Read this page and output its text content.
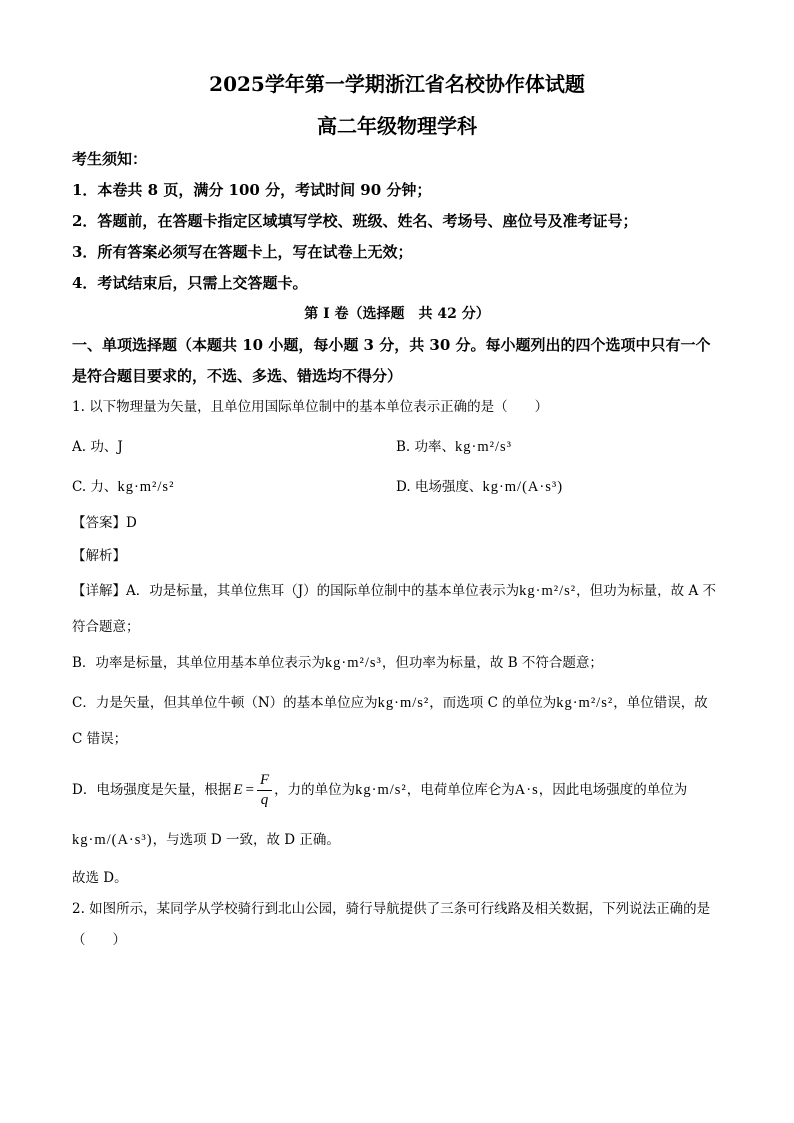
2025学年第一学期浙江省名校协作体试题
高二年级物理学科
考生须知：
1．本卷共 8 页，满分 100 分，考试时间 90 分钟；
2．答题前，在答题卡指定区域填写学校、班级、姓名、考场号、座位号及准考证号；
3．所有答案必须写在答题卡上，写在试卷上无效；
4．考试结束后，只需上交答题卡。
第 I 卷（选择题　共 42 分）
一、单项选择题（本题共 10 小题，每小题 3 分，共 30 分。每小题列出的四个选项中只有一个是符合题目要求的，不选、多选、错选均不得分）
1. 以下物理量为矢量，且单位用国际单位制中的基本单位表示正确的是（　　）
A. 功、J	B. 功率、kg·m²/s³
C. 力、kg·m²/s²	D. 电场强度、kg·m/(A·s³)
【答案】D
【解析】
【详解】A．功是标量，其单位焦耳（J）的国际单位制中的基本单位表示为kg·m²/s²，但功为标量，故 A 不符合题意；
B．功率是标量，其单位用基本单位表示为kg·m²/s³，但功率为标量，故 B 不符合题意；
C．力是矢量，但其单位牛顿（N）的基本单位应为kg·m/s²，而选项 C 的单位为kg·m²/s²，单位错误，故 C 错误；
D．电场强度是矢量，根据 $E = \frac{F}{q}$ ，力的单位为kg·m/s²，电荷单位库仑为A·s，因此电场强度的单位为kg·m/(A·s³)，与选项 D 一致，故 D 正确。
故选 D。
2. 如图所示，某同学从学校骑行到北山公园，骑行导航提供了三条可行线路及相关数据，下列说法正确的是（　　）
